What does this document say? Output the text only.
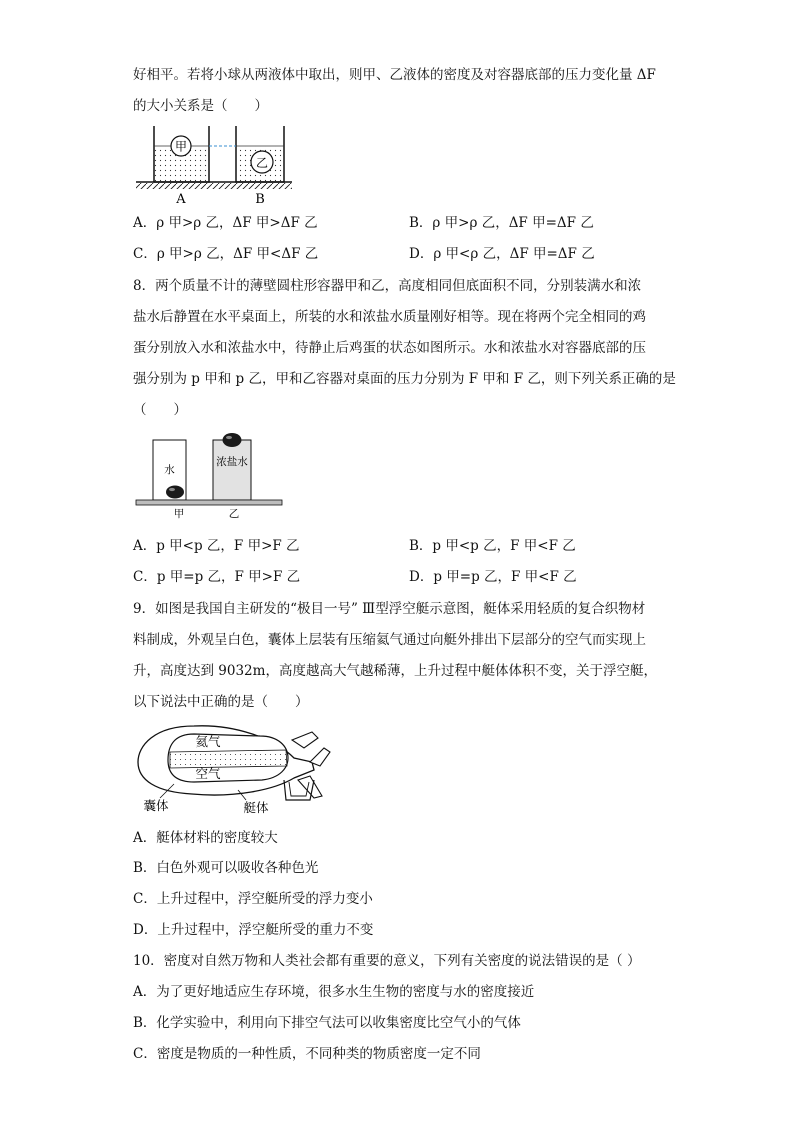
好相平。若将小球从两液体中取出，则甲、乙液体的密度及对容器底部的压力变化量 ΔF
的大小关系是（　　）
甲
乙
A	B
A．ρ 甲>ρ 乙，ΔF 甲>ΔF 乙	B．ρ 甲>ρ 乙，ΔF 甲=ΔF 乙
C．ρ 甲>ρ 乙，ΔF 甲<ΔF 乙	D．ρ 甲<ρ 乙，ΔF 甲=ΔF 乙
8．两个质量不计的薄壁圆柱形容器甲和乙，高度相同但底面积不同，分别装满水和浓
盐水后静置在水平桌面上，所装的水和浓盐水质量刚好相等。现在将两个完全相同的鸡
蛋分别放入水和浓盐水中，待静止后鸡蛋的状态如图所示。水和浓盐水对容器底部的压
强分别为 p 甲和 p 乙，甲和乙容器对桌面的压力分别为 F 甲和 F 乙，则下列关系正确的是
（　　）
水
浓盐水
甲	乙
A．p 甲<p 乙，F 甲>F 乙	B．p 甲<p 乙，F 甲<F 乙
C．p 甲=p 乙，F 甲>F 乙	D．p 甲=p 乙，F 甲<F 乙
9．如图是我国自主研发的“极目一号” Ⅲ型浮空艇示意图，艇体采用轻质的复合织物材
料制成，外观呈白色，囊体上层装有压缩氦气通过向艇外排出下层部分的空气而实现上
升，高度达到 9032m，高度越高大气越稀薄，上升过程中艇体体积不变，关于浮空艇，
以下说法中正确的是（　　）
氦气
空气
囊体	艇体
A．艇体材料的密度较大
B．白色外观可以吸收各种色光
C．上升过程中，浮空艇所受的浮力变小
D．上升过程中，浮空艇所受的重力不变
10．密度对自然万物和人类社会都有重要的意义，下列有关密度的说法错误的是（ ）
A．为了更好地适应生存环境，很多水生生物的密度与水的密度接近
B．化学实验中，利用向下排空气法可以收集密度比空气小的气体
C．密度是物质的一种性质，不同种类的物质密度一定不同
